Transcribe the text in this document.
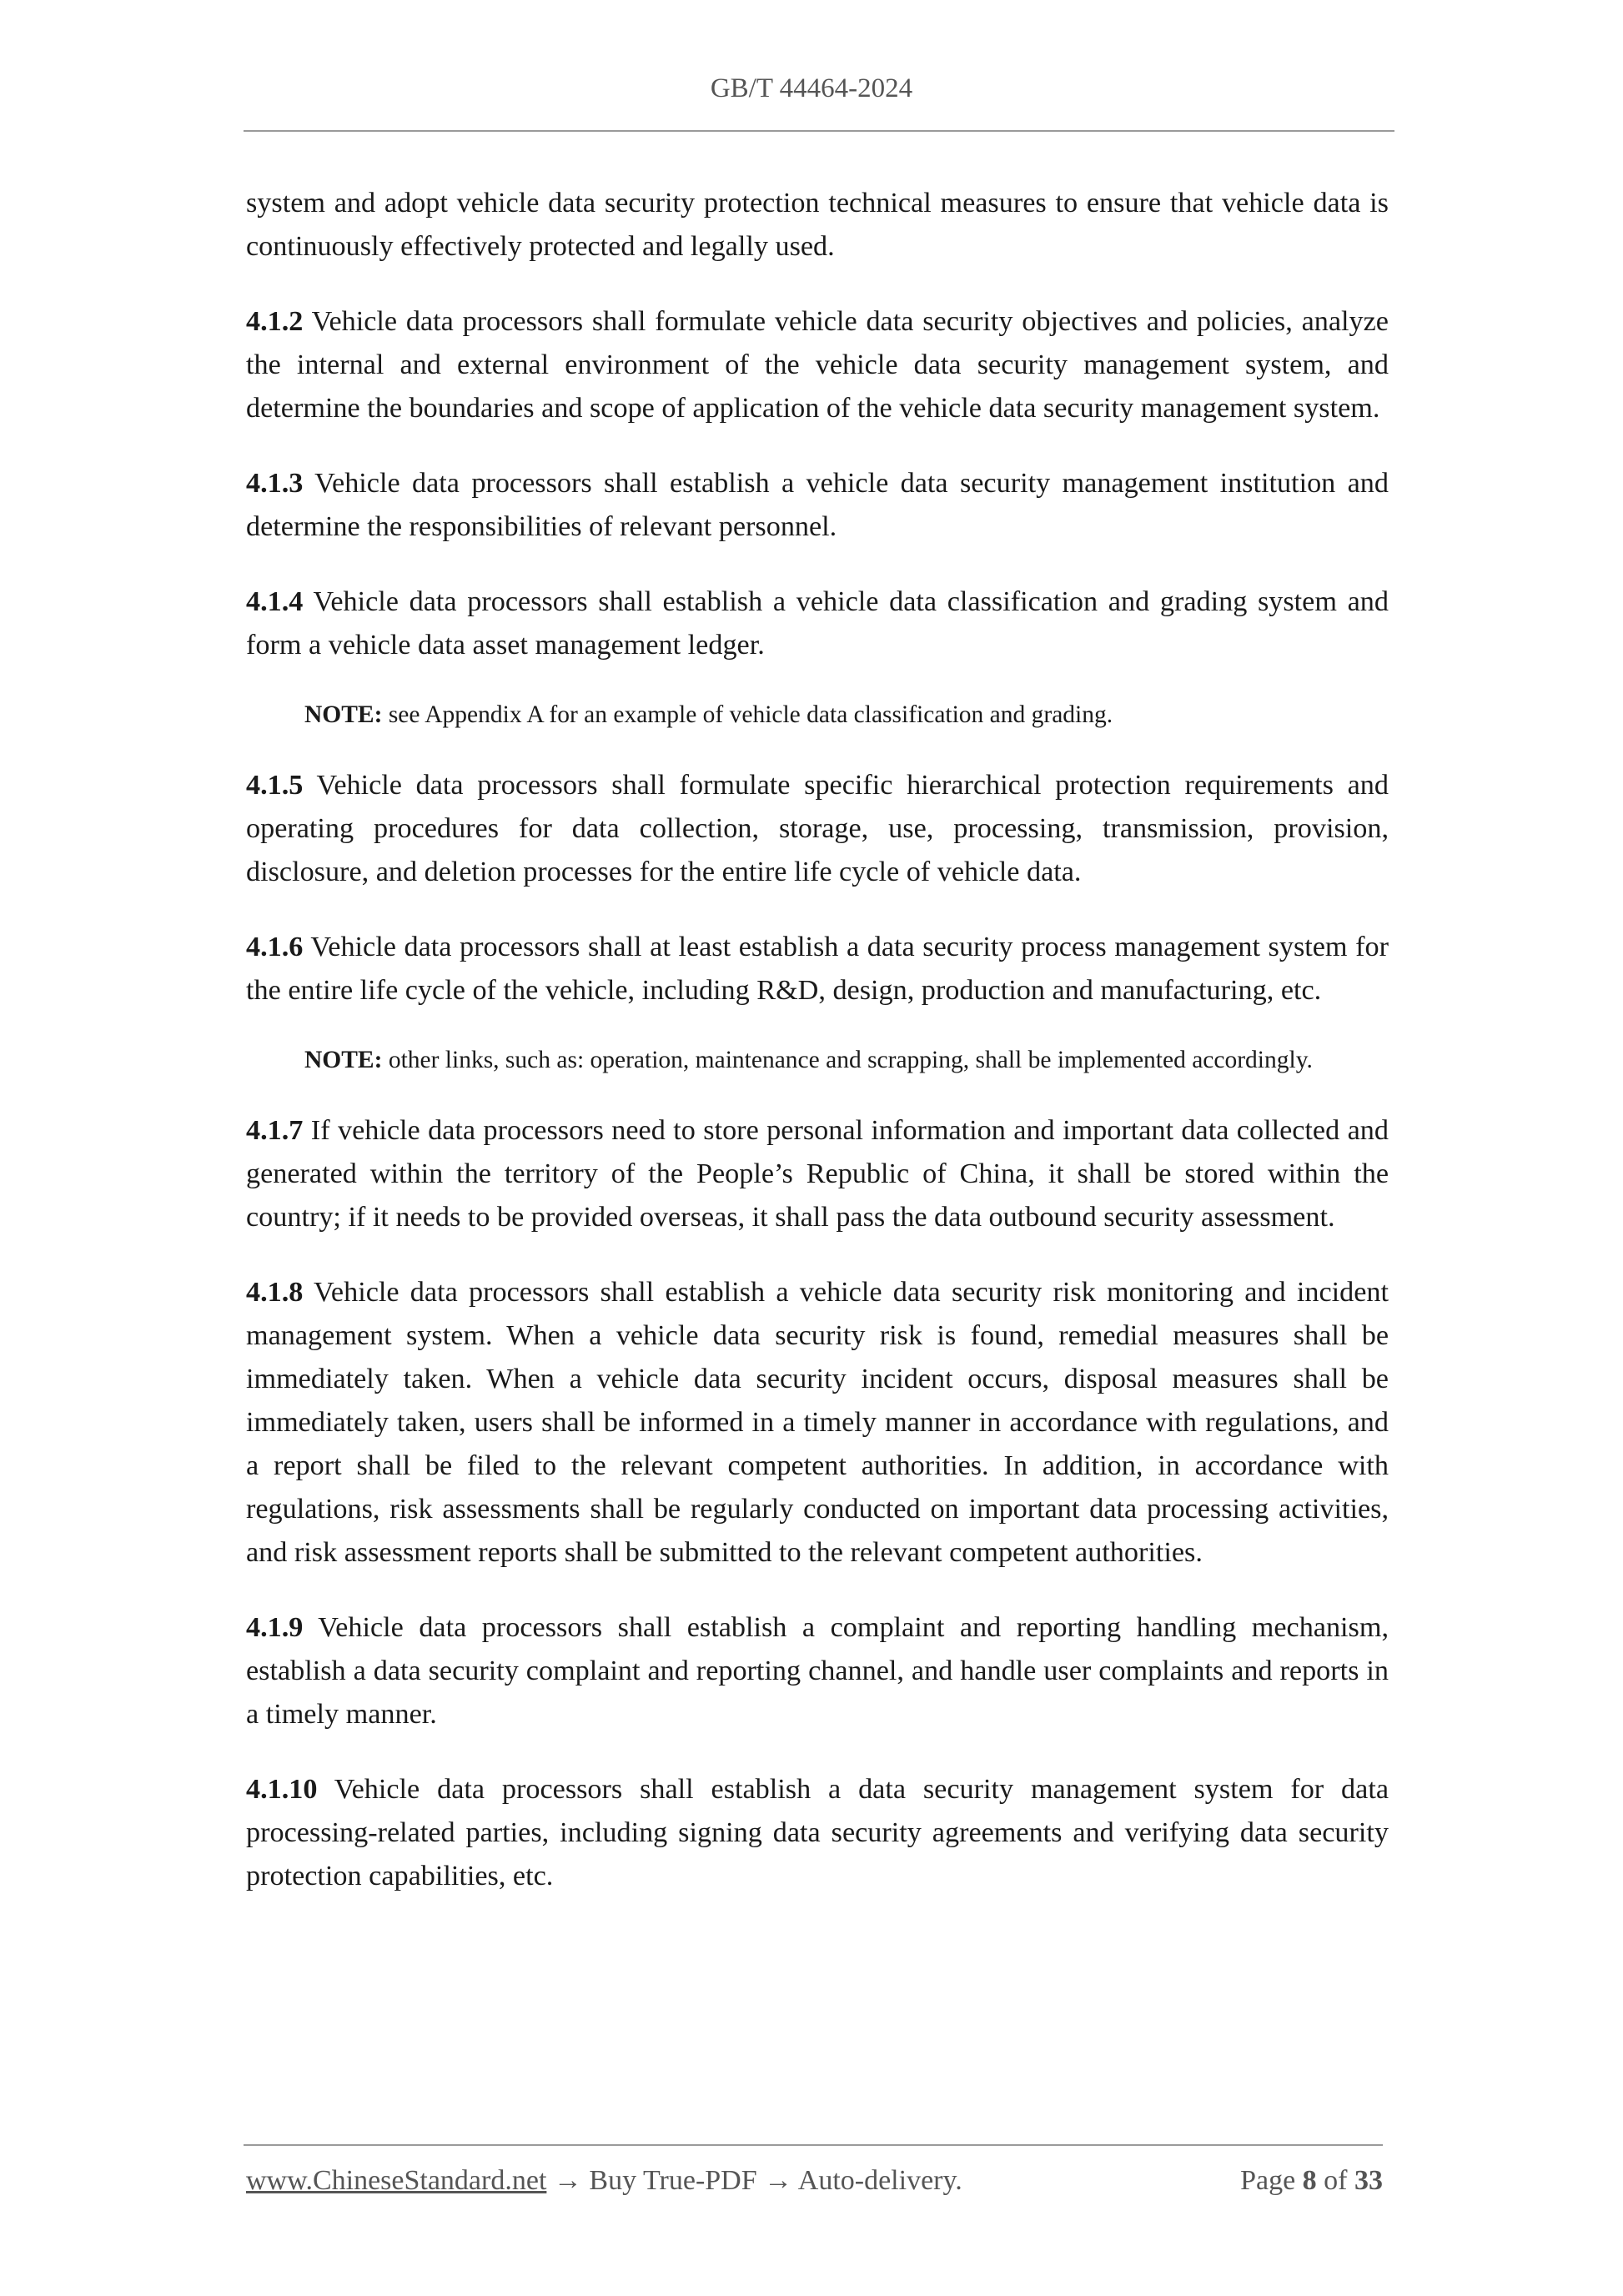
GB/T 44464-2024

system and adopt vehicle data security protection technical measures to ensure that vehicle data is continuously effectively protected and legally used.

4.1.2 Vehicle data processors shall formulate vehicle data security objectives and policies, analyze the internal and external environment of the vehicle data security management system, and determine the boundaries and scope of application of the vehicle data security management system.

4.1.3 Vehicle data processors shall establish a vehicle data security management institution and determine the responsibilities of relevant personnel.

4.1.4 Vehicle data processors shall establish a vehicle data classification and grading system and form a vehicle data asset management ledger.

NOTE: see Appendix A for an example of vehicle data classification and grading.

4.1.5 Vehicle data processors shall formulate specific hierarchical protection requirements and operating procedures for data collection, storage, use, processing, transmission, provision, disclosure, and deletion processes for the entire life cycle of vehicle data.

4.1.6 Vehicle data processors shall at least establish a data security process management system for the entire life cycle of the vehicle, including R&D, design, production and manufacturing, etc.

NOTE: other links, such as: operation, maintenance and scrapping, shall be implemented accordingly.

4.1.7 If vehicle data processors need to store personal information and important data collected and generated within the territory of the People’s Republic of China, it shall be stored within the country; if it needs to be provided overseas, it shall pass the data outbound security assessment.

4.1.8 Vehicle data processors shall establish a vehicle data security risk monitoring and incident management system. When a vehicle data security risk is found, remedial measures shall be immediately taken. When a vehicle data security incident occurs, disposal measures shall be immediately taken, users shall be informed in a timely manner in accordance with regulations, and a report shall be filed to the relevant competent authorities. In addition, in accordance with regulations, risk assessments shall be regularly conducted on important data processing activities, and risk assessment reports shall be submitted to the relevant competent authorities.

4.1.9 Vehicle data processors shall establish a complaint and reporting handling mechanism, establish a data security complaint and reporting channel, and handle user complaints and reports in a timely manner.

4.1.10 Vehicle data processors shall establish a data security management system for data processing-related parties, including signing data security agreements and verifying data security protection capabilities, etc.

www.ChineseStandard.net → Buy True-PDF → Auto-delivery.	Page 8 of 33
